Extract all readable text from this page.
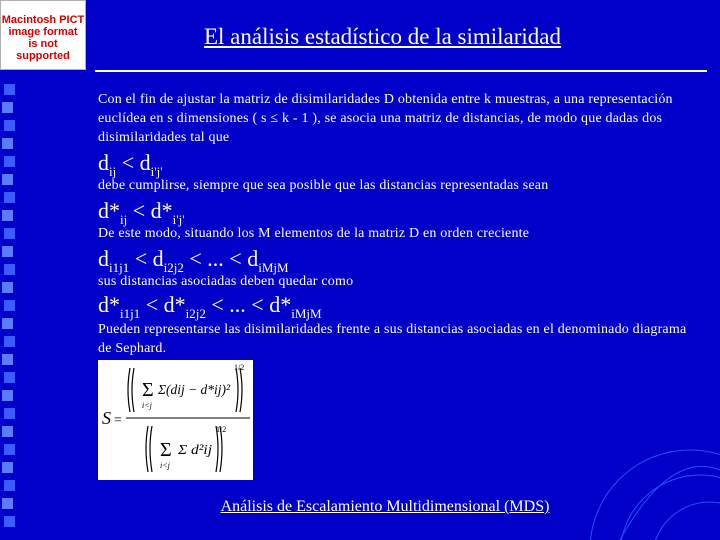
Macintosh PICT
image format
is not supported
El análisis estadístico de la similaridad
Con el fin de ajustar la matriz de disimilaridades D obtenida entre k muestras, a una representación euclídea en s dimensiones ( s ≤ k - 1 ), se asocia una matriz de distancias, de modo que dadas dos disimilaridades tal que
$d_{ij} < d_{i'j'}$
debe cumplirse, siempre que sea posible que las distancias representadas sean
$d*_{ij} < d*_{i'j'}$
De este modo, situando los M elementos de la matriz D en orden creciente
$d_{i1j1} < d_{i2j2}$ < ... < $d_{iMjM}$
sus distancias asociadas deben quedar como
$d*_{i1j1} < d*_{i2j2}$ < ... < $d*_{iMjM}$
Pueden representarse las disimilaridades frente a sus distancias asociadas en el denominado diagrama de Sephard.
S =
Σ
i<j
Σ(dij − d*ij)²
1/2
Σ
i<j
Σ d²ij
1/2
Análisis de Escalamiento Multidimensional (MDS)
